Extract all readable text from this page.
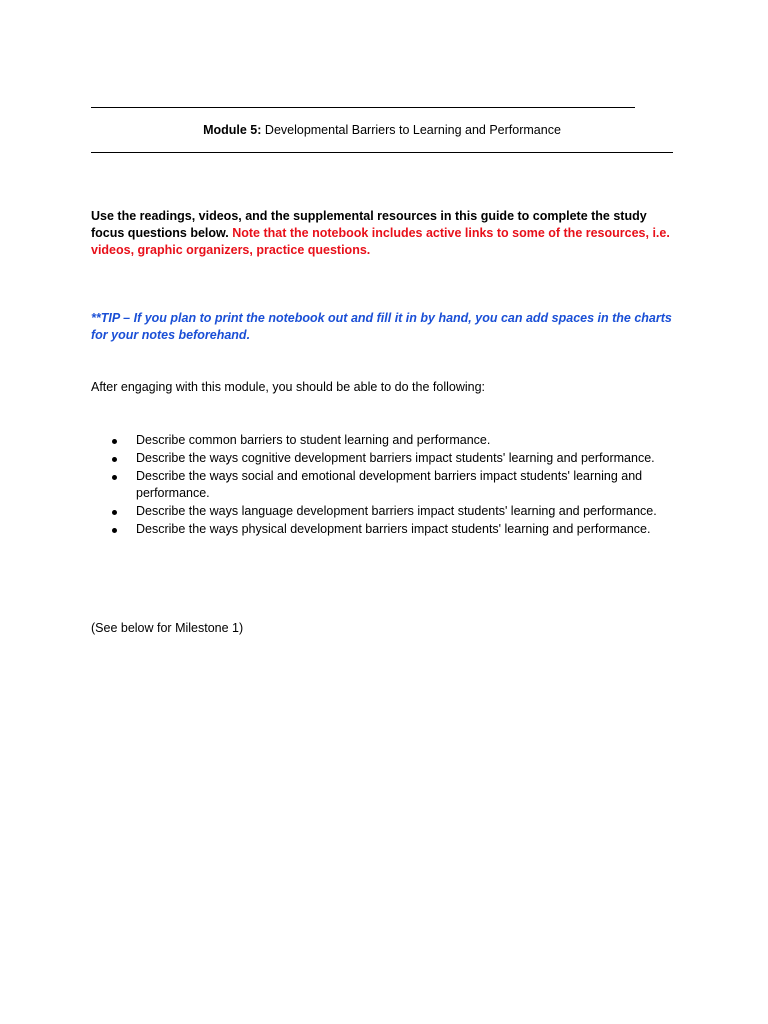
Module 5: Developmental Barriers to Learning and Performance

Use the readings, videos, and the supplemental resources in this guide to complete the study focus questions below. Note that the notebook includes active links to some of the resources, i.e. videos, graphic organizers, practice questions.

**TIP – If you plan to print the notebook out and fill it in by hand, you can add spaces in the charts for your notes beforehand.

After engaging with this module, you should be able to do the following:

Describe common barriers to student learning and performance.
Describe the ways cognitive development barriers impact students' learning and performance.
Describe the ways social and emotional development barriers impact students' learning and performance.
Describe the ways language development barriers impact students' learning and performance.
Describe the ways physical development barriers impact students' learning and performance.

(See below for Milestone 1)
